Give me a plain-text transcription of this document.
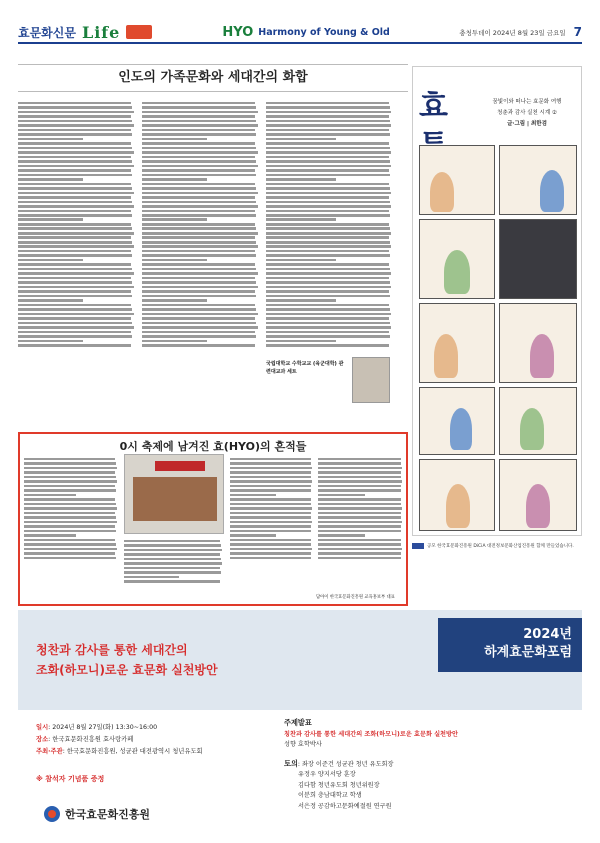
효문화신문 Life	HYO Harmony of Young & Old	충청투데이 2024년 8월 23일 금요일 7
인도의 가족문화와 세대간의 화합
국립대학교 수학교교 (육군대학) 관련대교과 세트
효	꿈빛이와 떠나는 효문화 여행
청춘과 감사 실천 시계 ②
글·그림 | 최한검
0시 축제에 남겨진 효(HYO)의 흔적들
담아이 한국효문화진흥원 교육홍보부 대표
공모 한국효문화진흥원 DiCiA 대전정보문화산업진흥원 함께 만들었습니다.
청찬과 감사를 통한 세대간의
조화(하모니)로운 효문화 실천방안
2024년
하계효문화포럼
일시: 2024년 8월 27일(화) 13:30~16:00
장소: 한국효문화진흥원 효사랑카페
주최·주관: 한국효문화진흥원, 성균관 대전광역시 청년유도회
※ 참석자 기념품 증정
한국효문화진흥원
주제발표
칭찬과 감사를 통한 세대간의 조화(하모니)로운 효문화 실천방안
성향 효학박사
토의: 좌장 이준건 성균관 청년 유도회장
유정우 양지서당 훈장
김다함 청년유도회 청년위원장
이분희 충남대학교 학생
서은정 공감하고문화예절원 연구원
